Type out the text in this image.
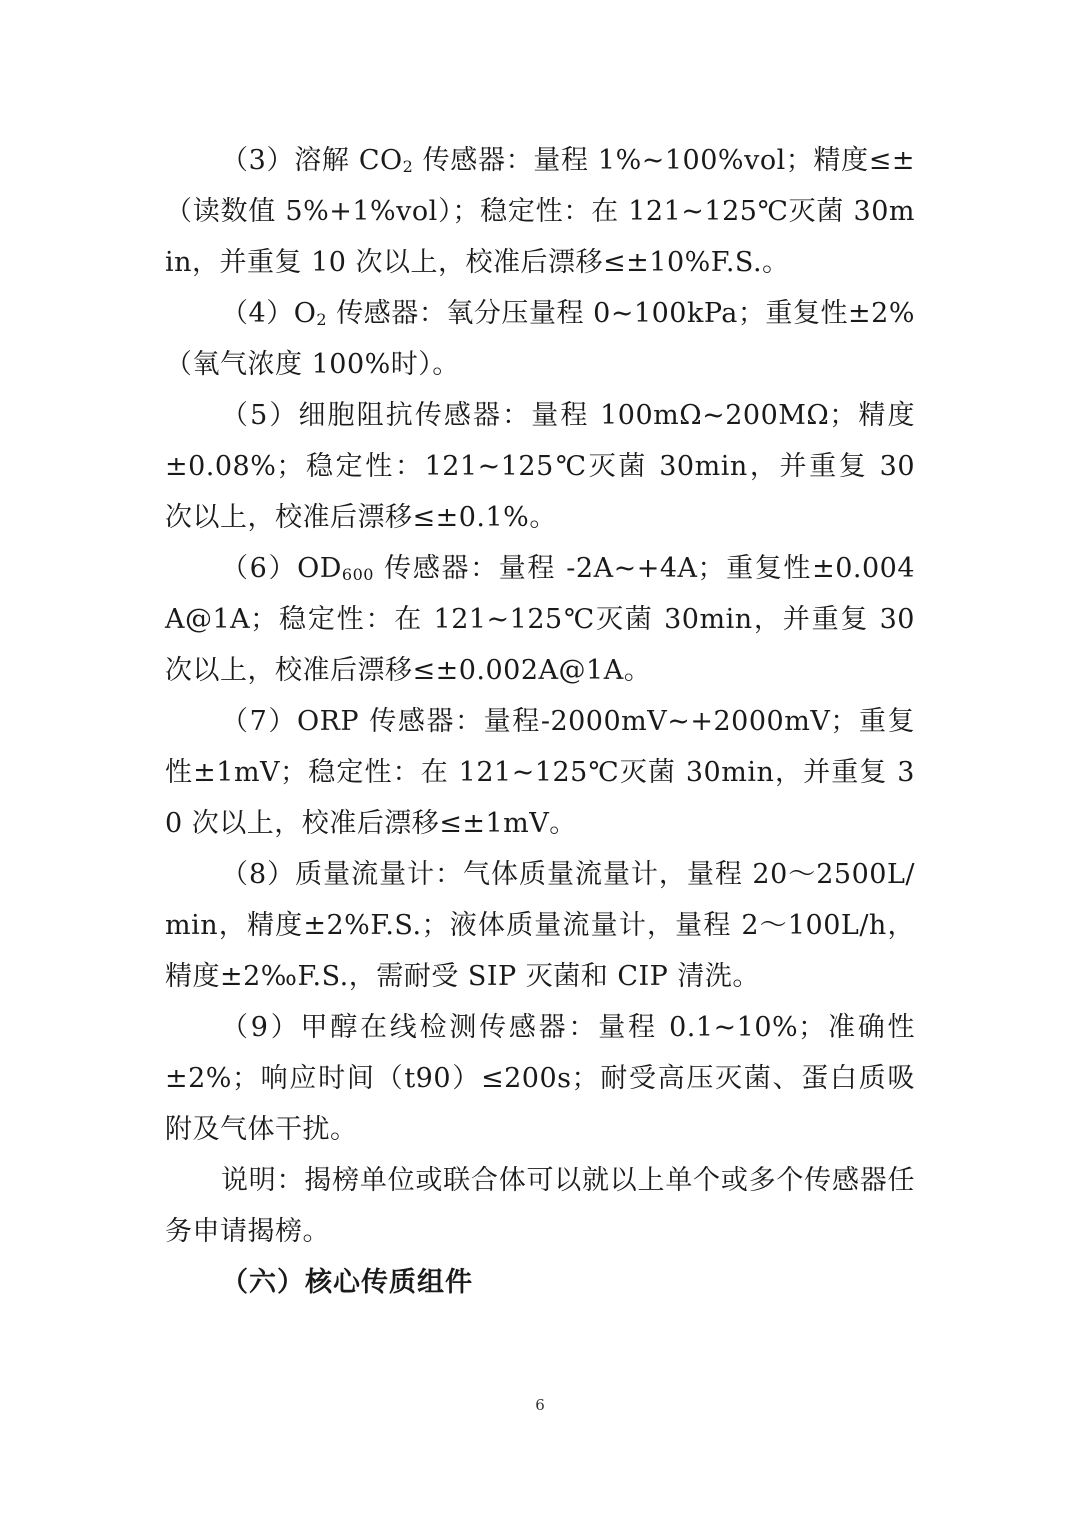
（3）溶解 $CO_2$ 传感器：量程 1%~100%vol；精度≤±（读数值 5%+1%vol）；稳定性：在 121~125℃灭菌 30min，并重复 10 次以上，校准后漂移≤±10%F.S.。

$(4)O_2$ 传感器：氧分压量程 0~100kPa；重复性±2%（氧气浓度 100%时）。

（5）细胞阻抗传感器：量程 100mΩ~200MΩ；精度±0.08%；稳定性：121~125℃灭菌 30min，并重复 30 次以上，校准后漂移≤±0.1%。

$(6)OD_{600}$ 传感器：量程 -2A~+4A；重复性±0.004A@1A；稳定性：在 121~125℃灭菌 30min，并重复 30 次以上，校准后漂移≤±0.002A@1A。

（7）ORP 传感器：量程-2000mV~+2000mV；重复性±1mV；稳定性：在 121~125℃灭菌 30min，并重复 30 次以上，校准后漂移≤±1mV。

（8）质量流量计：气体质量流量计，量程 20～2500L/min，精度±2%F.S.；液体质量流量计，量程 2～100L/h，精度±2‰F.S.，需耐受 SIP 灭菌和 CIP 清洗。

（9）甲醇在线检测传感器：量程 0.1~10%；准确性±2%；响应时间（t90）≤200s；耐受高压灭菌、蛋白质吸附及气体干扰。

说明：揭榜单位或联合体可以就以上单个或多个传感器任务申请揭榜。

（六）核心传质组件

6
